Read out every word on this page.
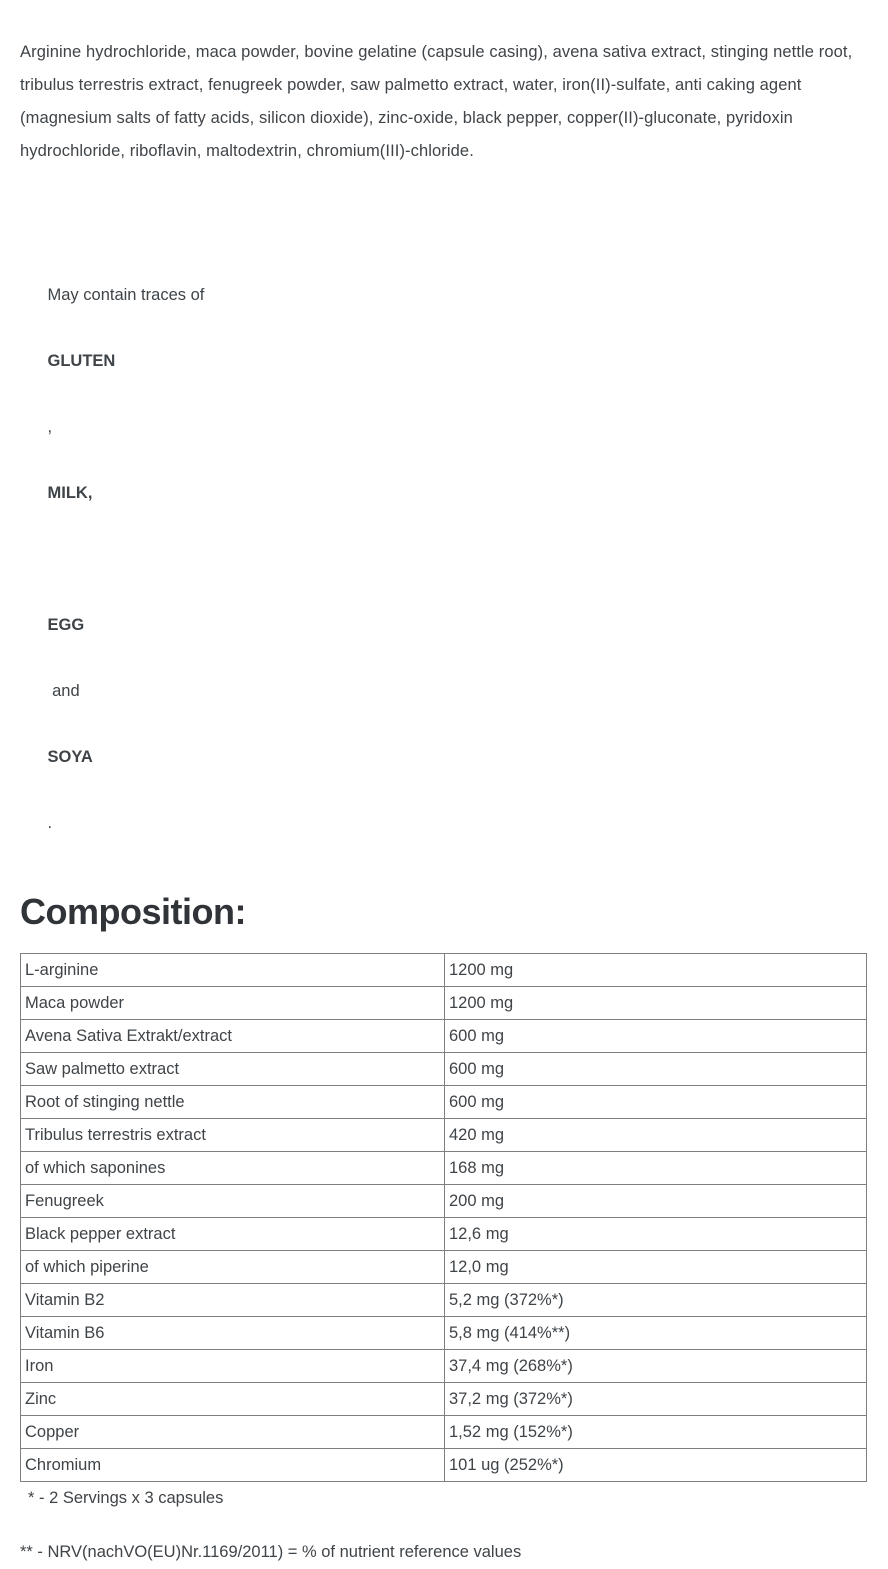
Arginine hydrochloride, maca powder, bovine gelatine (capsule casing), avena sativa extract, stinging nettle root, tribulus terrestris extract, fenugreek powder, saw palmetto extract, water, iron(II)-sulfate, anti caking agent (magnesium salts of fatty acids, silicon dioxide), zinc-oxide, black pepper, copper(II)-gluconate, pyridoxin hydrochloride, riboflavin, maltodextrin, chromium(III)-chloride.

May contain traces of

GLUTEN

,

MILK,

EGG

and

SOYA

.

Composition:
L-arginine	1200 mg
Maca powder	1200 mg
Avena Sativa Extrakt/extract	600 mg
Saw palmetto extract	600 mg
Root of stinging nettle	600 mg
Tribulus terrestris extract	420 mg
of which saponines	168 mg
Fenugreek	200 mg
Black pepper extract	12,6 mg
of which piperine	12,0 mg
Vitamin B2	5,2 mg (372%*)
Vitamin B6	5,8 mg (414%**)
Iron	37,4 mg (268%*)
Zinc	37,2 mg (372%*)
Copper	1,52 mg (152%*)
Chromium	101 ug (252%*)

* - 2 Servings x 3 capsules

** - NRV(nachVO(EU)Nr.1169/2011) = % of nutrient reference values
